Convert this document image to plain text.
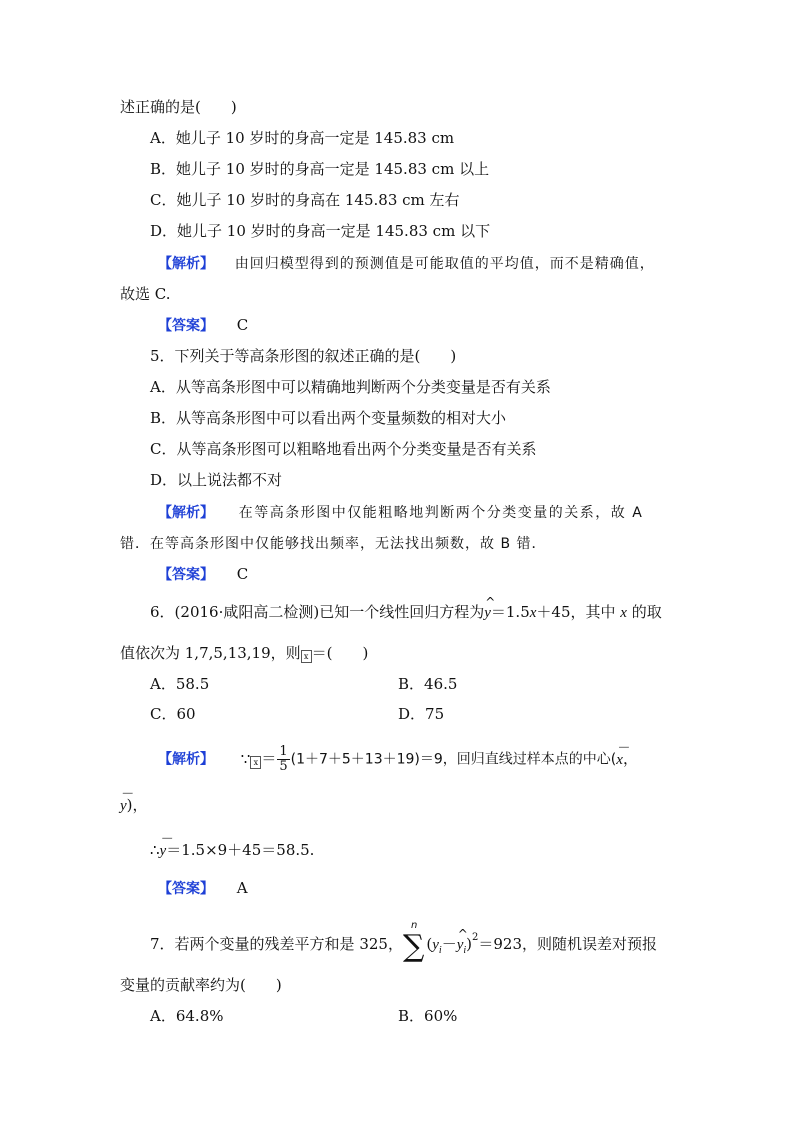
述正确的是(　　)
A．她儿子 10 岁时的身高一定是 145.83 cm
B．她儿子 10 岁时的身高一定是 145.83 cm 以上
C．她儿子 10 岁时的身高在 145.83 cm 左右
D．她儿子 10 岁时的身高一定是 145.83 cm 以下
【解析】 由回归模型得到的预测值是可能取值的平均值，而不是精确值，
故选 C.
【答案】 C
5．下列关于等高条形图的叙述正确的是(　　)
A．从等高条形图中可以精确地判断两个分类变量是否有关系
B．从等高条形图中可以看出两个变量频数的相对大小
C．从等高条形图可以粗略地看出两个分类变量是否有关系
D．以上说法都不对
【解析】 在等高条形图中仅能粗略地判断两个分类变量的关系，故 A
错．在等高条形图中仅能够找出频率，无法找出频数，故 B 错．
【答案】 C
6．(2016·咸阳高二检测)已知一个线性回归方程为
^
y＝1.5x＋45，其中 x 的取
值依次为 1,7,5,13,19，则 x ＝(　　)
A．58.5	B．46.5
C．60	D．75
【解析】 ∵ $x = \frac{1}{5} (1+7+5+13+19)=9$，回归直线过样本点的中心(
－
x，
－
y)，
∴
－
y＝1.5×9＋45＝58.5.
【答案】 A
7．若两个变量的残差平方和是 325，
n
∑ ($y_i-$
^
$y_i)^2=923$，则随机误差对预报
变量的贡献率约为(　　)
A．64.8%	B．60%
